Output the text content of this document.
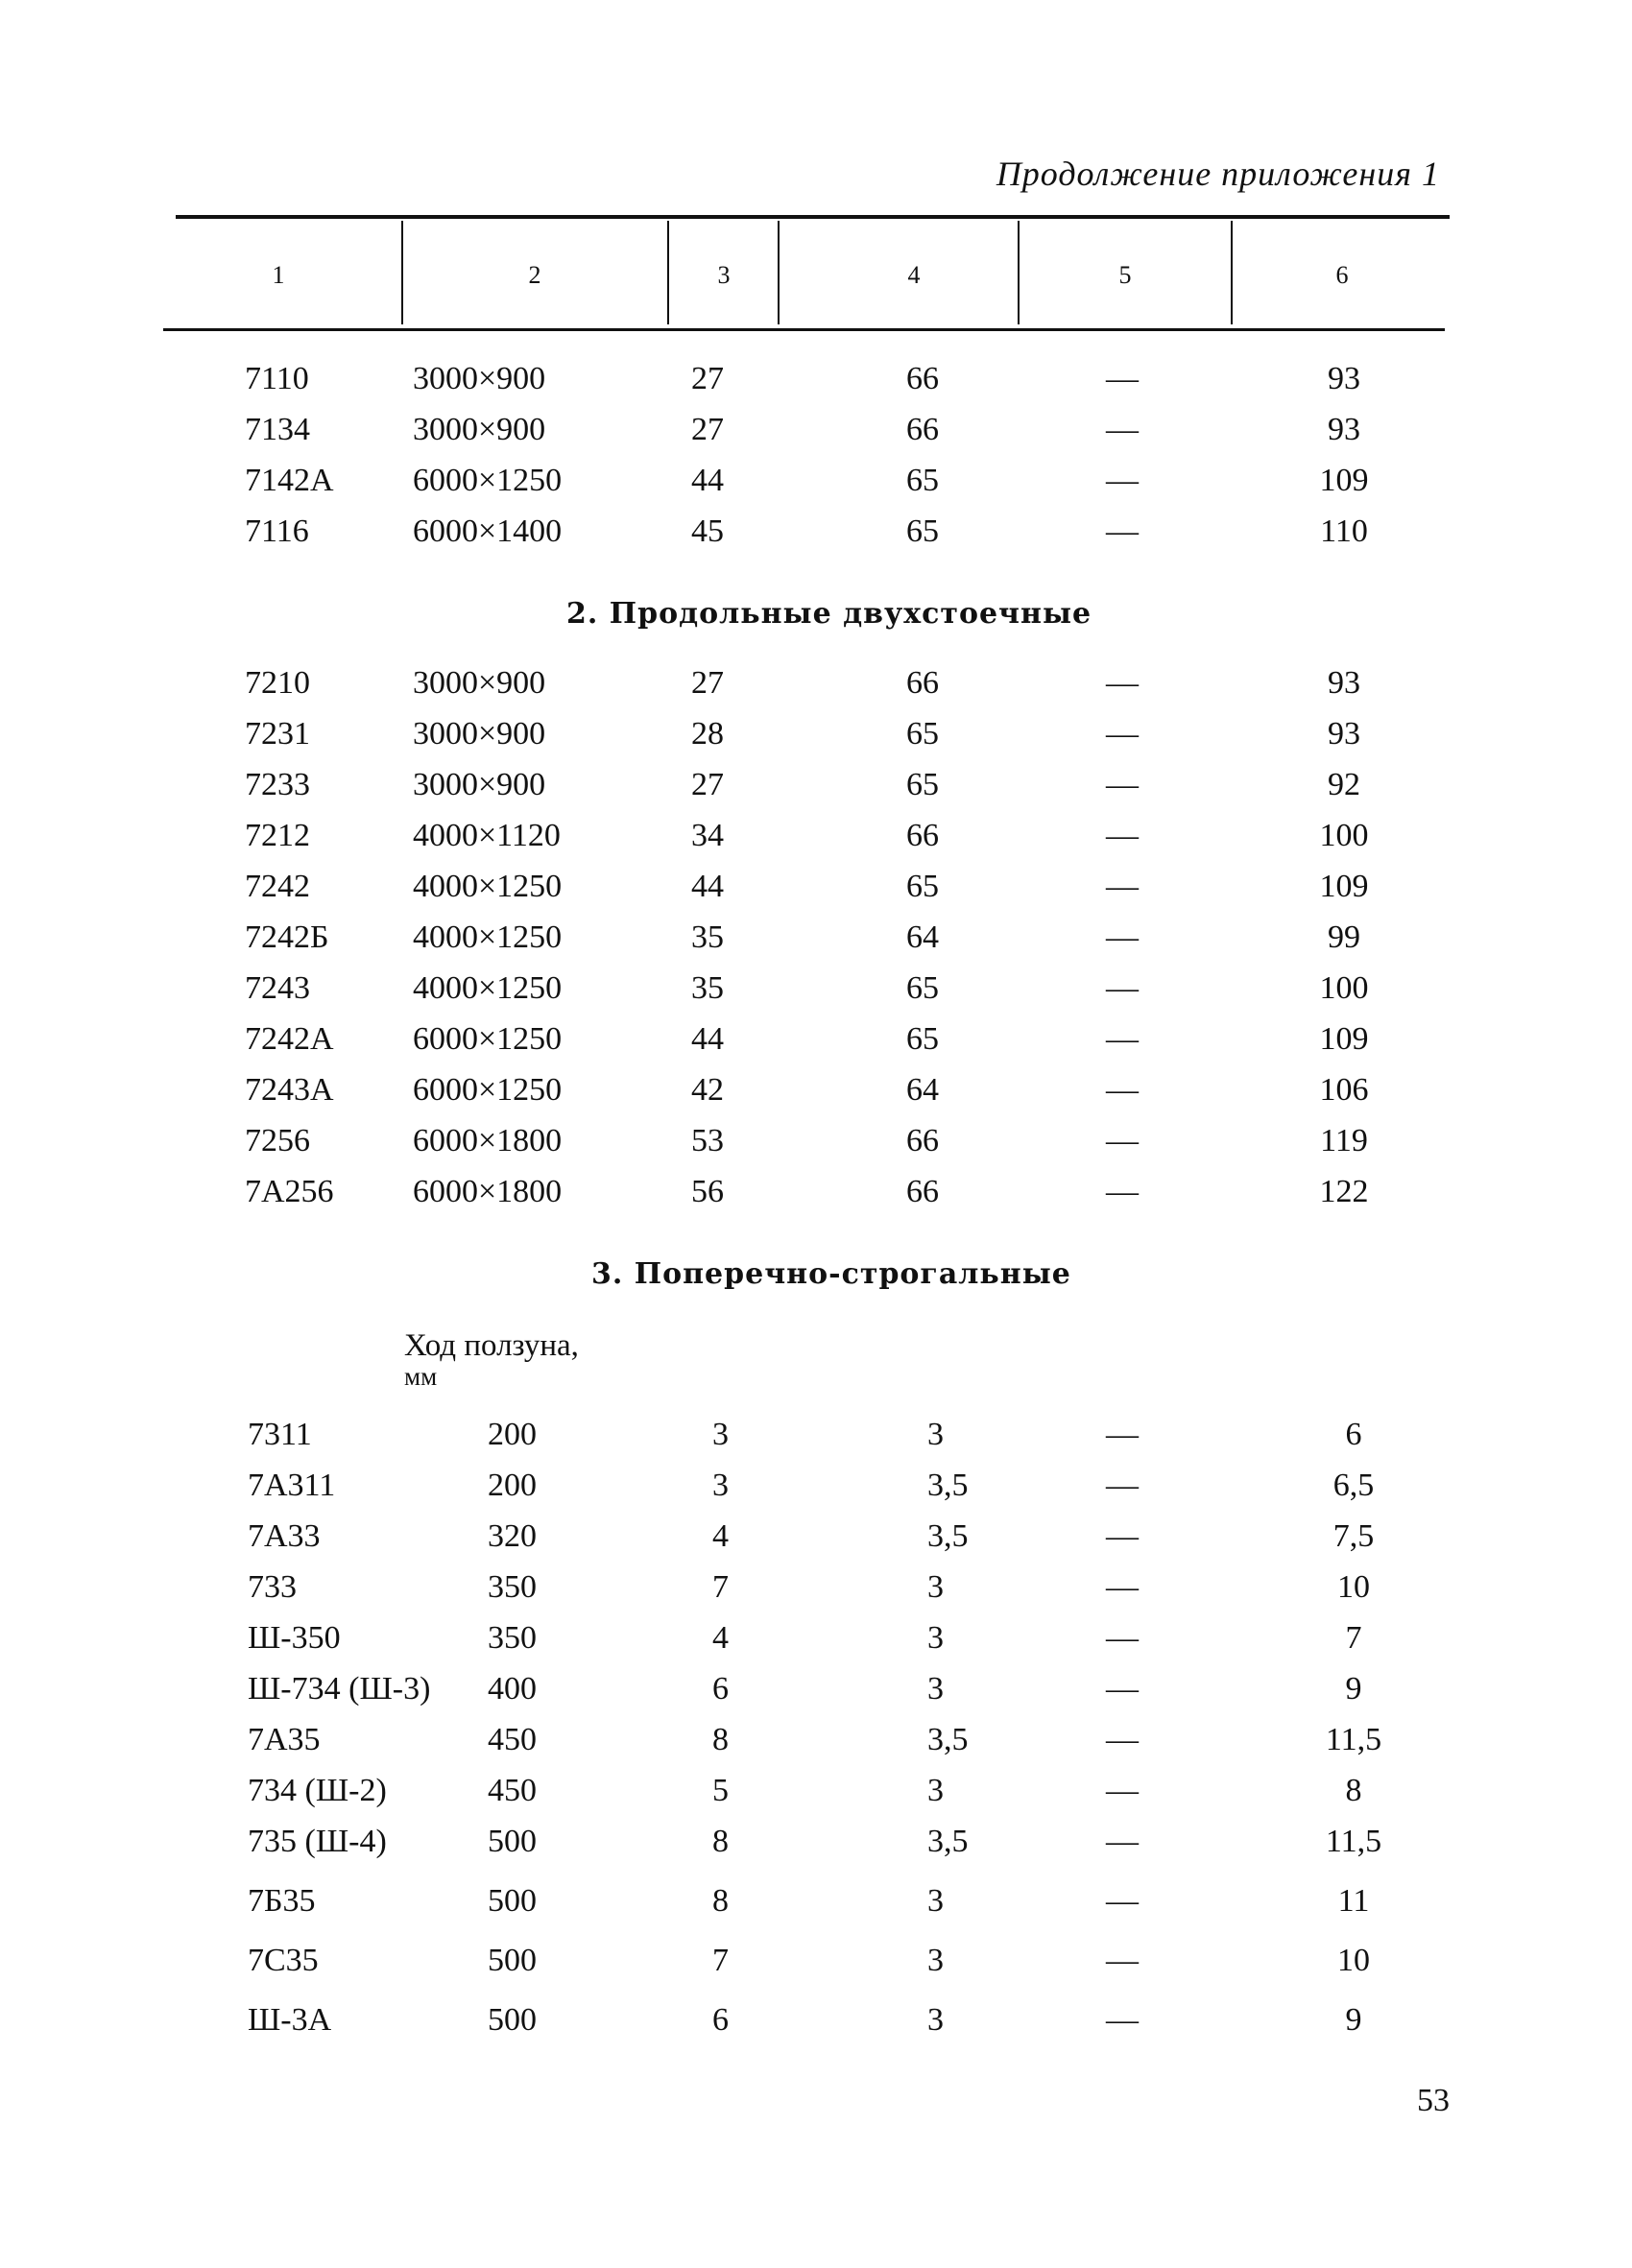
Продолжение приложения 1
1	2	3	4	5	6
7110	3000×900	27	66	—	93
7134	3000×900	27	66	—	93
7142А 6000×1250	44	65	—	109
7116	6000×1400	45	65	—	110
2. Продольные двухстоечные
7210	3000×900	27	66	—	93
7231	3000×900	28	65	—	93
7233	3000×900	27	65	—	92
7212	4000×1120	34	66	—	100
7242	4000×1250	44	65	—	109
7242Б	4000×1250	35	64	—	99
7243	4000×1250	35	65	—	100
7242А 6000×1250	44	65	—	109
7243А 6000×1250	42	64	—	106
7256	6000×1800	53	66	—	119
7А256 6000×1800	56	66	—	122
3. Поперечно-строгальные
Ход ползуна,
мм
7311	200	3	3	—	6
7А311	200	3	3,5	—	6,5
7А33	320	4	3,5	—	7,5
733	350	7	3	—	10
Ш-350	350	4	3	—	7
Ш-734 (Ш-3) 400	6	3	—	9
7А35	450	8	3,5	—	11,5
734 (Ш-2)	450	5	3	—	8
735 (Ш-4)	500	8	3,5	—	11,5
7Б35	500	8	3	—	11
7С35	500	7	3	—	10
Ш-3А	500	6	3	—	9
53
